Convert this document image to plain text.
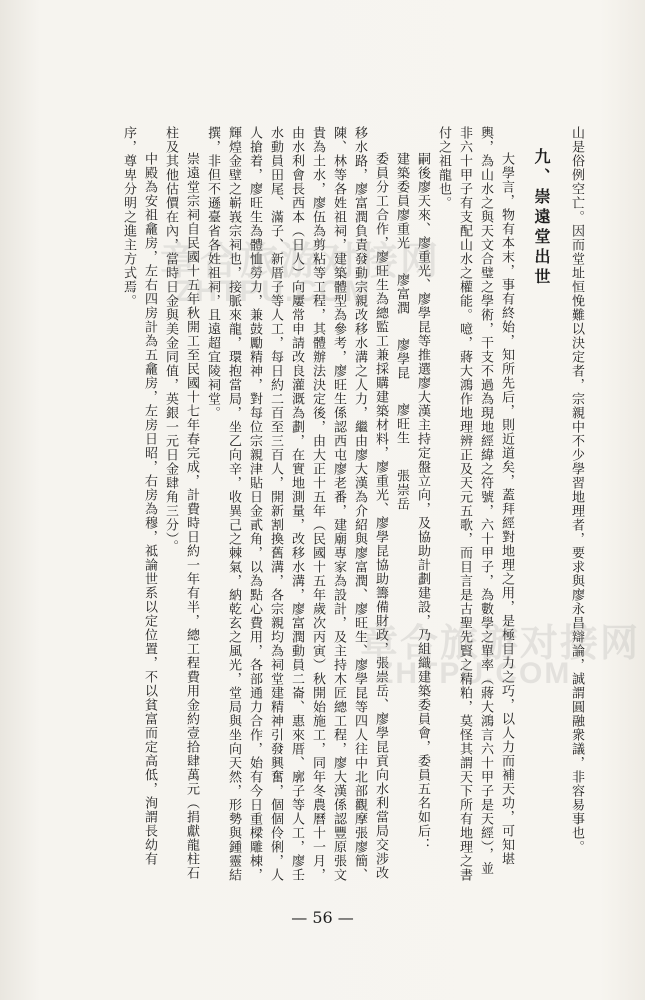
山是俗例空亡。因而堂址恒悗難以決定者，宗親中不少學習地理者，要求與廖永昌辯論，誠謂圓融衆議，非容易事也。

九、崇遠堂出世

大學言，物有本末，事有終始，知所先后，則近道矣，蓋拜經對地理之用，是極目力之巧，以人力而補天功，可知堪輿，為山水之與天文合璧之學術，干支不過為現地經緯之符號，六十甲子，為數學之單率（蔣大鴻言六十甲子是天經），並非六十甲子有支配山水之權能。噫，蔣大鴻作地理辨正及天元五歌，而目言是古聖先賢之精粕，莫怪其謂天下所有地理之書付之祖龍也。

嗣後廖天來、廖重光、廖學昆等推選廖大漢主持定盤立向，及協助計劃建設，乃組織建築委員會，委員五名如后：

建築委員廖重光 廖富潤 廖學昆 廖旺生 張崇岳

委員分工合作，廖旺生為總監工兼採購建築材料，廖重光、廖學昆協助籌備財政，張崇岳、廖學昆貢向水利當局交涉改移水路，廖富潤負責發動宗親改移水溝之人力，繼由廖大漢為介紹與廖富潤、廖旺生、廖學昆等四人往中北部觀摩張廖簡、陳、林等各姓祖祠，建築體型為參考，廖旺生係認西屯廖老番，建廟專家為設計，及主持木匠總工程，廖大漢係認豐原張文貴為土水，廖伍為剪粘等工程，其體辦法決定後，由大正十五年（民國十五年歲次丙寅）秋開始施工，同年冬農曆十一月，由水利會長西本（日人）向屢常申請改良灌溉為劃，在實地測量，改移水溝，廖富潤動員二崙、惠來厝、廓子等人工，廖壬水動員田尾、滿子、新厝子等人工，每日約二百至三百人，開新割換舊溝，各宗親均為祠堂建精神引發興奮，個個伶俐，人人搶着，廖旺生為體恤勞力，兼鼓勵精神，對每位宗親津貼日金貳角，以為點心費用，各部通力合作，始有今日重樑雕棟，輝煌金壁之嶄峩宗祠也，接脈來龍，環抱當局，坐乙向辛，收異己之棘氣，納乾玄之風光，堂局與坐向天然，形勢與鍾靈結撰，非但不遜臺省各姓祖祠，且遠超宜陵祠堂。

崇遠堂宗祠自民國十五年秋開工至民國十七年春完成，計費時日約一年有半，總工程費用金約壹拾肆萬元（捐獻龍柱石柱及其他估價在內，當時日金與美金同值，英銀一元日金肆角三分）。

中殿為安祖龕房，左右四房計為五龕房，左房日昭，右房為穆，祗論世系以定位置，不以貧富而定高低，洵謂長幼有序，尊卑分明之進主方式焉。 章合旅游对接网
ZHTPU.COM
章合旅游对接网
ZHTPU.COM
— 56 —
